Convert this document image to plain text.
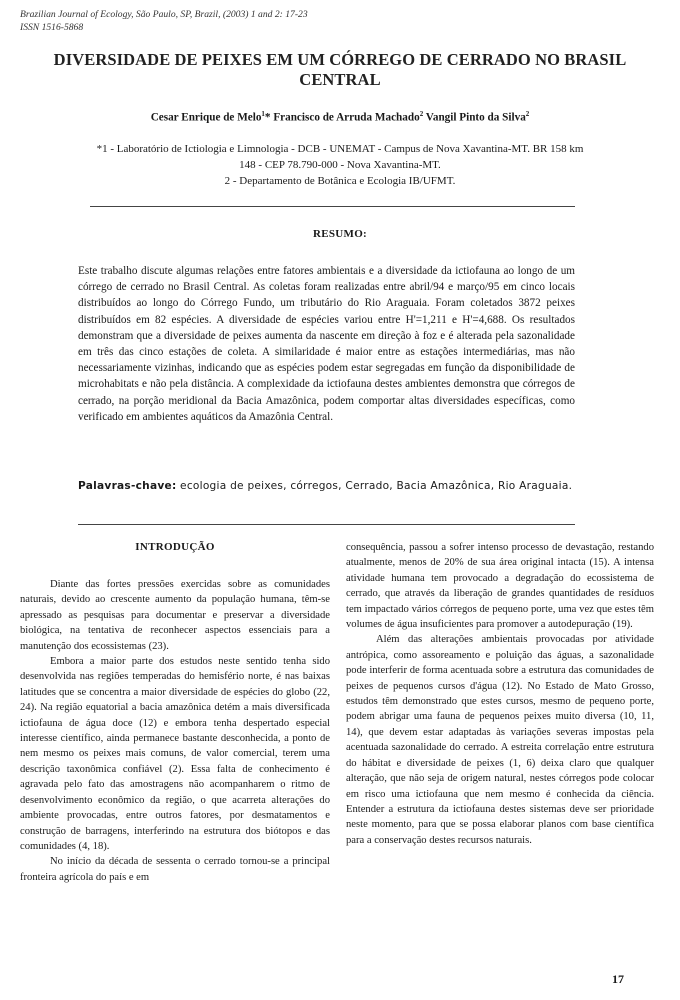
Brazilian Journal of Ecology, São Paulo, SP, Brazil, (2003) 1 and 2: 17-23
ISSN 1516-5868
DIVERSIDADE DE PEIXES EM UM CÓRREGO DE CERRADO NO BRASIL CENTRAL
Cesar Enrique de Melo$^1$* Francisco de Arruda Machado$^2$ Vangil Pinto da Silva$^2$
*1 - Laboratório de Ictiologia e Limnologia - DCB - UNEMAT - Campus de Nova Xavantina-MT. BR 158 km
148 - CEP 78.790-000 - Nova Xavantina-MT.
2 - Departamento de Botânica e Ecologia IB/UFMT.
RESUMO:
Este trabalho discute algumas relações entre fatores ambientais e a diversidade da ictiofauna ao longo de um córrego de cerrado no Brasil Central. As coletas foram realizadas entre abril/94 e março/95 em cinco locais distribuídos ao longo do Córrego Fundo, um tributário do Rio Araguaia. Foram coletados 3872 peixes distribuídos em 82 espécies. A diversidade de espécies variou entre H'=1,211 e H'=4,688. Os resultados demonstram que a diversidade de peixes aumenta da nascente em direção à foz e é alterada pela sazonalidade em três das cinco estações de coleta. A similaridade é maior entre as estações intermediárias, mas não necessariamente vizinhas, indicando que as espécies podem estar segregadas em função da disponibilidade de microhabitats e não pela distância. A complexidade da ictiofauna destes ambientes demonstra que córregos de cerrado, na porção meridional da Bacia Amazônica, podem comportar altas diversidades específicas, como verificado em ambientes aquáticos da Amazônia Central.
Palavras-chave: ecologia de peixes, córregos, Cerrado, Bacia Amazônica, Rio Araguaia.
INTRODUÇÃO

Diante das fortes pressões exercidas sobre as comunidades naturais, devido ao crescente aumento da população humana, têm-se apressado as pesquisas para documentar e preservar a diversidade biológica, na tentativa de reconhecer aspectos essenciais para a manutenção dos ecossistemas (23).

Embora a maior parte dos estudos neste sentido tenha sido desenvolvida nas regiões temperadas do hemisfério norte, é nas baixas latitudes que se concentra a maior diversidade de espécies do globo (22, 24). Na região equatorial a bacia amazônica detém a mais diversificada ictiofauna de água doce (12) e embora tenha despertado especial interesse científico, ainda permanece bastante desconhecida, a ponto de nem mesmo os peixes mais comuns, de valor comercial, terem uma descrição taxonômica confiável (2). Essa falta de conhecimento é agravada pelo fato das amostragens não acompanharem o ritmo de desenvolvimento econômico da região, o que acarreta alterações do ambiente provocadas, entre outros fatores, por desmatamentos e construção de barragens, interferindo na estrutura dos biótopos e das comunidades (4, 18).

No início da década de sessenta o cerrado tornou-se a principal fronteira agrícola do país e em

consequência, passou a sofrer intenso processo de devastação, restando atualmente, menos de 20% de sua área original intacta (15). A intensa atividade humana tem provocado a degradação do ecossistema de cerrado, que através da liberação de grandes quantidades de resíduos tem impactado vários córregos de pequeno porte, uma vez que estes têm volumes de água insuficientes para promover a autodepuração (19).

Além das alterações ambientais provocadas por atividade antrópica, como assoreamento e poluição das águas, a sazonalidade pode interferir de forma acentuada sobre a estrutura das comunidades de peixes de pequenos cursos d'água (12). No Estado de Mato Grosso, estudos têm demonstrado que estes cursos, mesmo de pequeno porte, podem abrigar uma fauna de pequenos peixes muito diversa (10, 11, 14), que devem estar adaptadas às variações severas impostas pela acentuada sazonalidade do cerrado. A estreita correlação entre estrutura do hábitat e diversidade de peixes (1, 6) deixa claro que qualquer alteração, que não seja de origem natural, nestes córregos pode colocar em risco uma ictiofauna que nem mesmo é conhecida da ciência. Entender a estrutura da ictiofauna destes sistemas deve ser prioridade neste momento, para que se possa elaborar planos com base científica para a conservação destes recursos naturais.

17
